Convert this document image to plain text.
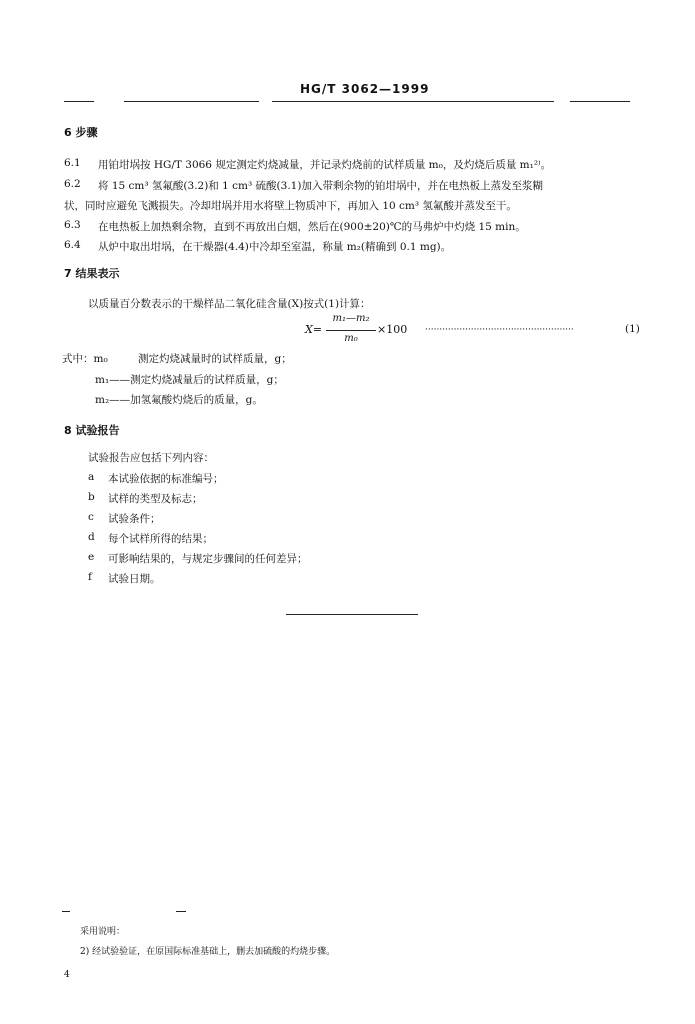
HG/T 3062—1999
6 步骤
6.1 用铂坩埚按 HG/T 3066 规定测定灼烧减量，并记录灼烧前的试样质量 m₀，及灼烧后质量 m₁²⁾。
6.2 将 15 cm³ 氢氟酸(3.2)和 1 cm³ 硫酸(3.1)加入带剩余物的铂坩埚中，并在电热板上蒸发至浆糊
状，同时应避免飞溅损失。冷却坩埚并用水将壁上物质冲下，再加入 10 cm³ 氢氟酸并蒸发至干。
6.3 在电热板上加热剩余物，直到不再放出白烟，然后在(900±20)℃的马弗炉中灼烧 15 min。
6.4 从炉中取出坩埚，在干燥器(4.4)中冷却至室温，称量 m₂(精确到 0.1 mg)。
7 结果表示
以质量百分数表示的干燥样品二氧化硅含量(X)按式(1)计算：
X=
m₁—m₂
m₀
×100 ····················································	(1)
式中：m₀	测定灼烧减量时的试样质量，g；
m₁——测定灼烧减量后的试样质量，g；
m₂——加氢氟酸灼烧后的质量，g。
8 试验报告
试验报告应包括下列内容：
a 本试验依据的标准编号；
b 试样的类型及标志；
c 试验条件；
d 每个试样所得的结果；
e 可影响结果的，与规定步骤间的任何差异；
f 试验日期。
采用说明：
2) 经试验验证，在原国际标准基础上，删去加硫酸的灼烧步骤。
4
